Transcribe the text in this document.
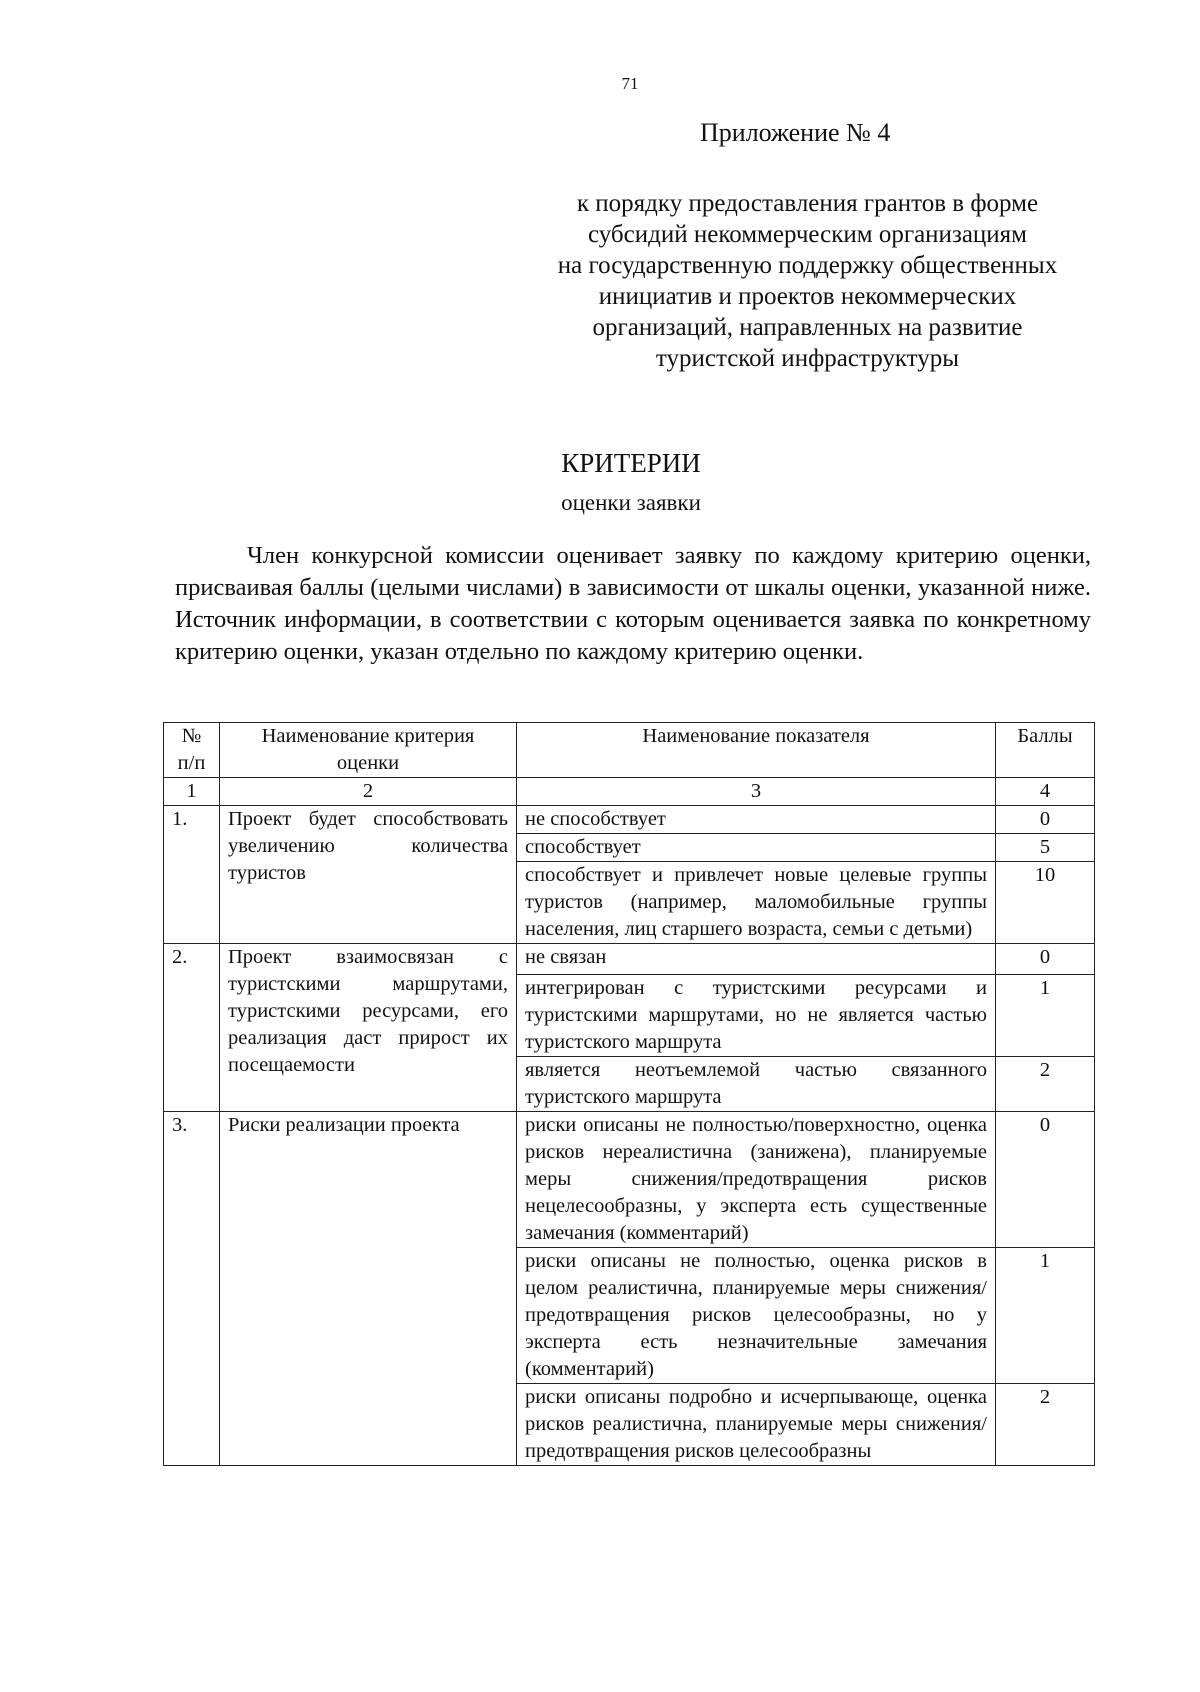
71
Приложение № 4
к порядку предоставления грантов в форме
субсидий некоммерческим организациям
на государственную поддержку общественных
инициатив и проектов некоммерческих
организаций, направленных на развитие
туристской инфраструктуры
КРИТЕРИИ
оценки заявки

Член конкурсной комиссии оценивает заявку по каждому критерию оценки, присваивая баллы (целыми числами) в зависимости от шкалы оценки, указанной ниже. Источник информации, в соответствии с которым оценивается заявка по конкретному критерию оценки, указан отдельно по каждому критерию оценки.

№ п/п	Наименование критерия оценки	Наименование показателя	Баллы
1	2	3	4
1.	Проект будет способствовать увеличению количества туристов	не способствует	0
		способствует	5
		способствует и привлечет новые целевые группы туристов (например, маломобильные группы населения, лиц старшего возраста, семьи с детьми)	10
2.	Проект взаимосвязан с туристскими маршрутами, туристскими ресурсами, его реализация даст прирост их посещаемости	не связан	0
		интегрирован с туристскими ресурсами и туристскими маршрутами, но не является частью туристского маршрута	1
		является неотъемлемой частью связанного туристского маршрута	2
3.	Риски реализации проекта	риски описаны не полностью/поверхностно, оценка рисков нереалистична (занижена), планируемые меры снижения/предотвращения рисков нецелесообразны, у эксперта есть существенные замечания (комментарий)	0
		риски описаны не полностью, оценка рисков в целом реалистична, планируемые меры снижения/предотвращения рисков целесообразны, но у эксперта есть незначительные замечания (комментарий)	1
		риски описаны подробно и исчерпывающе, оценка рисков реалистична, планируемые меры снижения/предотвращения рисков целесообразны	2
